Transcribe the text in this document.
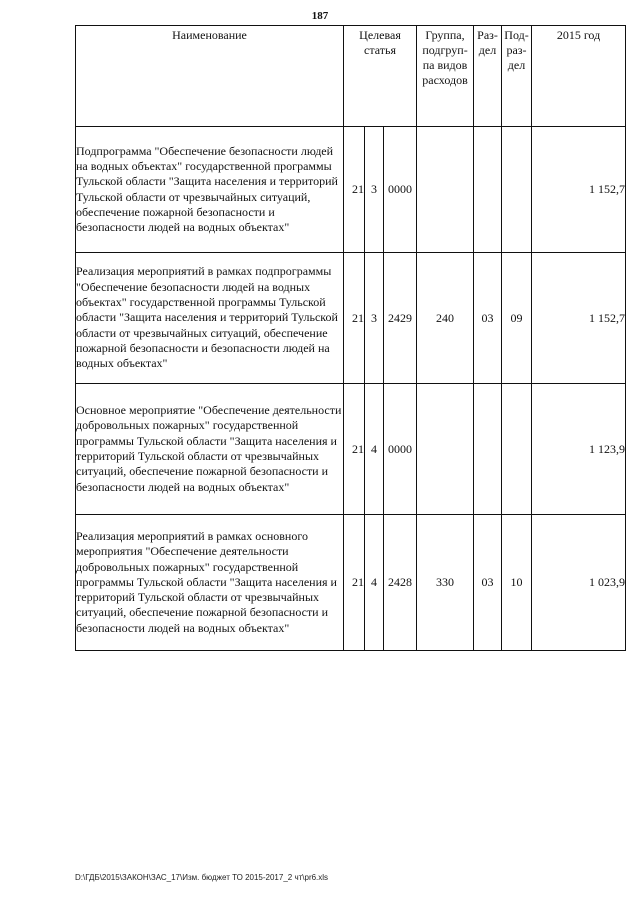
187
Наименование	Целевая статья			Группа, подгруп-па видов расходов	Раз-дел	Под-раз-дел	2015 год
Подпрограмма "Обеспечение безопасности людей на водных объектах" государственной программы Тульской области "Защита населения и территорий Тульской области от чрезвычайных ситуаций, обеспечение пожарной безопасности и безопасности людей на водных объектах"	21	3	0000				1 152,7
Реализация мероприятий в рамках подпрограммы "Обеспечение безопасности людей на водных объектах" государственной программы Тульской области "Защита населения и территорий Тульской области от чрезвычайных ситуаций, обеспечение пожарной безопасности и безопасности людей на водных объектах"	21	3	2429	240	03	09	1 152,7
Основное мероприятие "Обеспечение деятельности добровольных пожарных" государственной программы Тульской области "Защита населения и территорий Тульской области от чрезвычайных ситуаций, обеспечение пожарной безопасности и безопасности людей на водных объектах"	21	4	0000				1 123,9
Реализация мероприятий в рамках основного мероприятия "Обеспечение деятельности добровольных пожарных" государственной программы Тульской области "Защита населения и территорий Тульской области от чрезвычайных ситуаций, обеспечение пожарной безопасности и безопасности людей на водных объектах"	21	4	2428	330	03	10	1 023,9
D:\ГДБ\2015\ЗАКОН\ЗАС_17\Изм. бюджет ТО 2015-2017_2 чт\pr6.xls
